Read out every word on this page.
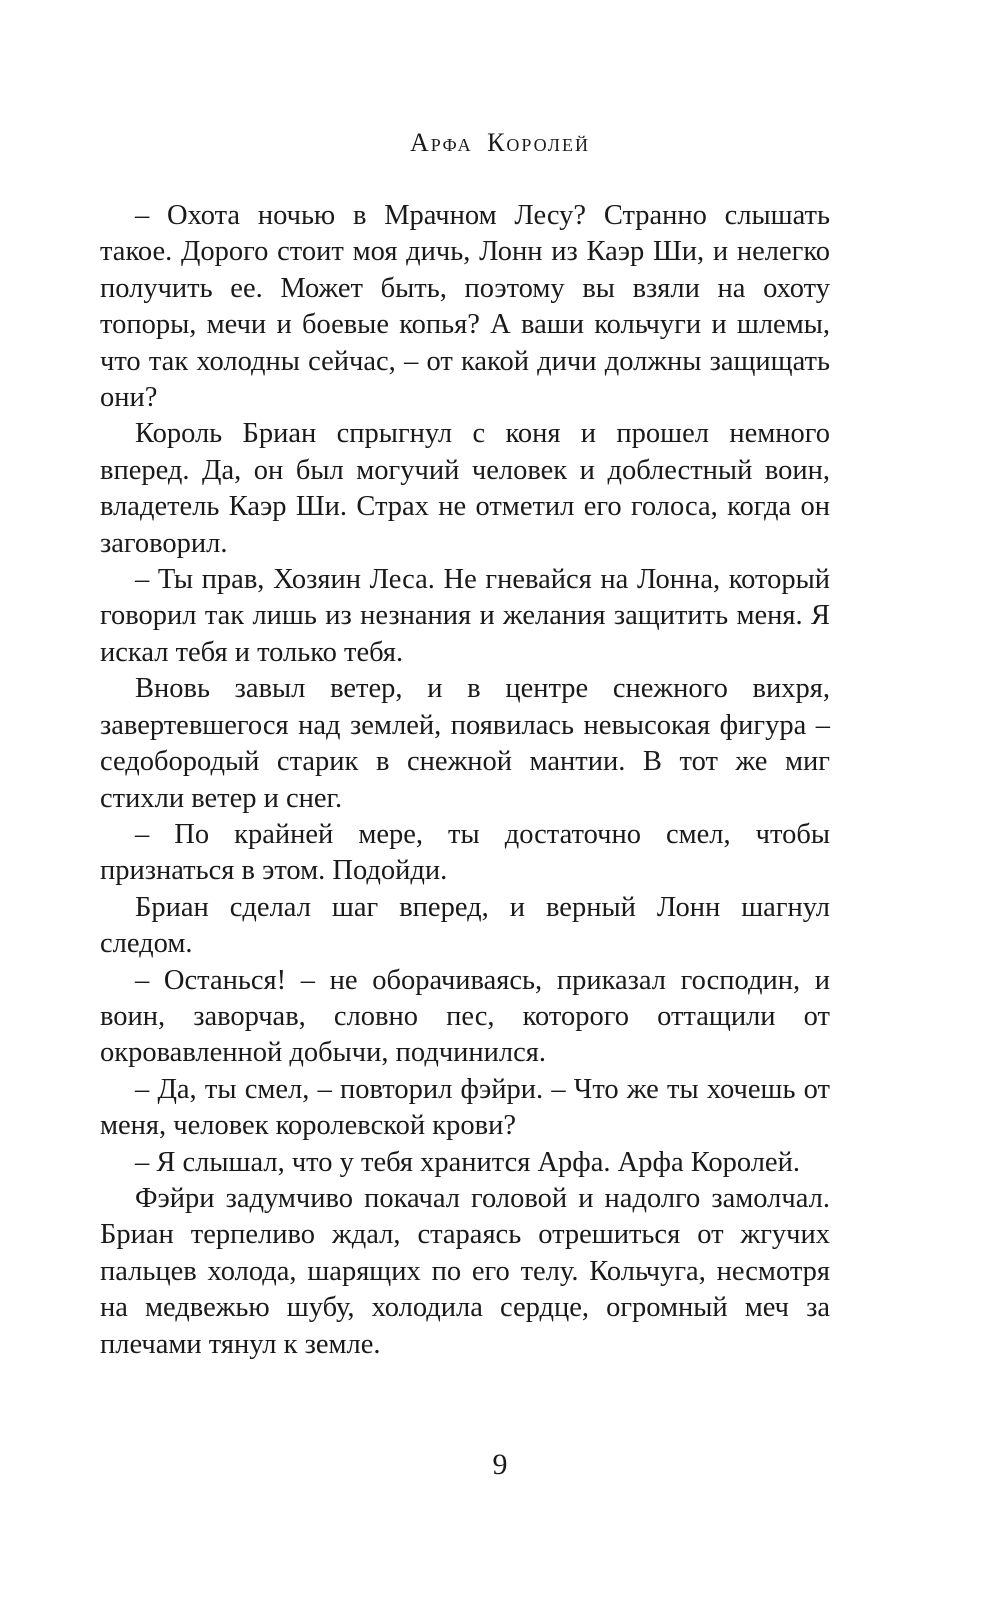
Арфа Королей

– Охота ночью в Мрачном Лесу? Странно слышать такое. Дорого стоит моя дичь, Лонн из Каэр Ши, и нелегко получить ее. Может быть, поэтому вы взяли на охоту топоры, мечи и боевые копья? А ваши кольчуги и шлемы, что так холодны сейчас, – от какой дичи должны защищать они?

Король Бриан спрыгнул с коня и прошел немного вперед. Да, он был могучий человек и доблестный воин, владетель Каэр Ши. Страх не отметил его голоса, когда он заговорил.

– Ты прав, Хозяин Леса. Не гневайся на Лонна, который говорил так лишь из незнания и желания защитить меня. Я искал тебя и только тебя.

Вновь завыл ветер, и в центре снежного вихря, завертевшегося над землей, появилась невысокая фигура – седобородый старик в снежной мантии. В тот же миг стихли ветер и снег.

– По крайней мере, ты достаточно смел, чтобы признаться в этом. Подойди.

Бриан сделал шаг вперед, и верный Лонн шагнул следом.

– Останься! – не оборачиваясь, приказал господин, и воин, заворчав, словно пес, которого оттащили от окровавленной добычи, подчинился.

– Да, ты смел, – повторил фэйри. – Что же ты хочешь от меня, человек королевской крови?

– Я слышал, что у тебя хранится Арфа. Арфа Королей.

Фэйри задумчиво покачал головой и надолго замолчал. Бриан терпеливо ждал, стараясь отрешиться от жгучих пальцев холода, шарящих по его телу. Кольчуга, несмотря на медвежью шубу, холодила сердце, огромный меч за плечами тянул к земле.

9
